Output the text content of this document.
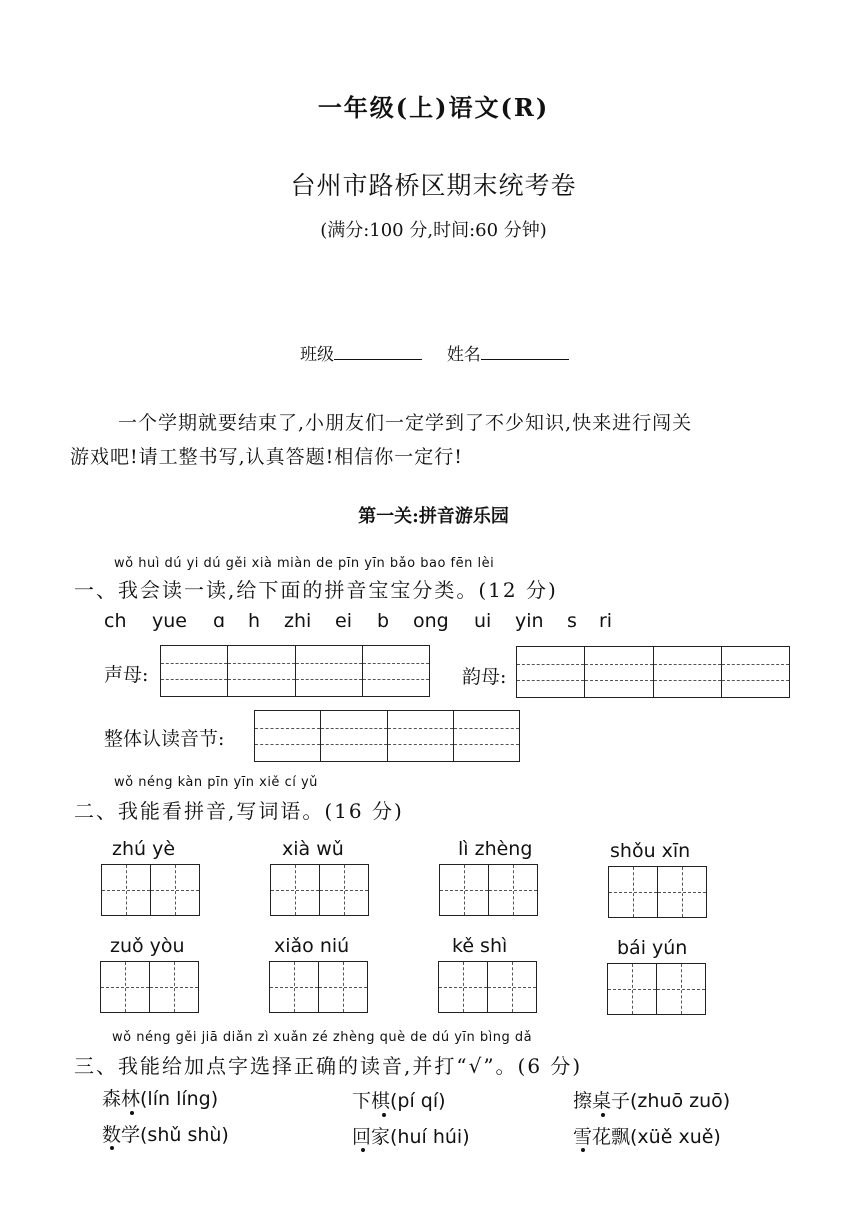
一年级(上)语文(R)
台州市路桥区期末统考卷
(满分:100 分,时间:60 分钟)
班级	姓名
一个学期就要结束了,小朋友们一定学到了不少知识,快来进行闯关
游戏吧!请工整书写,认真答题!相信你一定行!
第一关:拼音游乐园
wǒ huì dú yi dú gěi xià miàn de pīn yīn bǎo bao fēn lèi
一、我会读一读,给下面的拼音宝宝分类。(12 分)
ch yue ɑ h zhi ei b ong ui yin s ri
声母:	韵母:
整体认读音节:
wǒ néng kàn pīn yīn xiě cí yǔ
二、我能看拼音,写词语。(16 分)
zhú yè	xià wǔ	lì zhèng	shǒu xīn
zuǒ yòu	xiǎo niú	kě shì	bái yún
wǒ néng gěi jiā diǎn zì xuǎn zé zhèng què de dú yīn bìng dǎ
三、我能给加点字选择正确的读音,并打“√”。(6 分)
森林(lín líng)	下棋(pí qí)	擦桌子(zhuō zuō)
数学(shǔ shù)	回家(huí húi)	雪花飘(xüě xuě)
